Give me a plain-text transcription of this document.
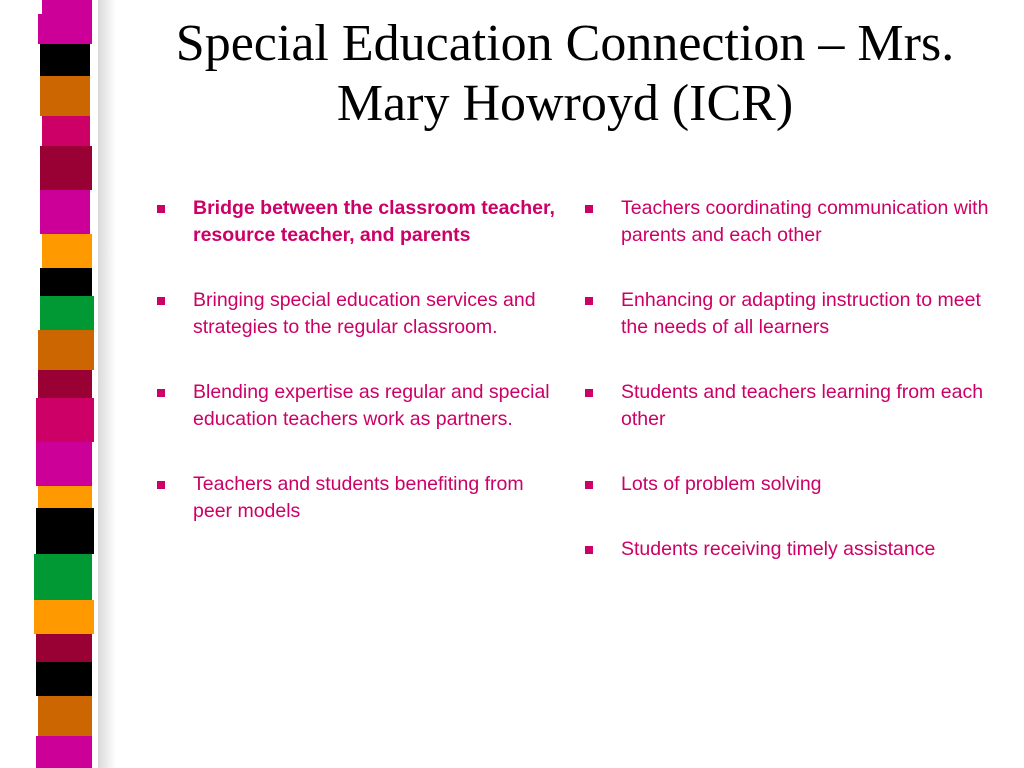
Special Education Connection – Mrs. Mary Howroyd (ICR)
Bridge between the classroom teacher, resource teacher, and parents
Bringing special education services and strategies to the regular classroom.
Blending expertise as regular and special education teachers work as partners.
Teachers and students benefiting from peer models
Teachers coordinating communication with parents and each other
Enhancing or adapting instruction to meet the needs of all learners
Students and teachers learning from each other
Lots of problem solving
Students receiving timely assistance
